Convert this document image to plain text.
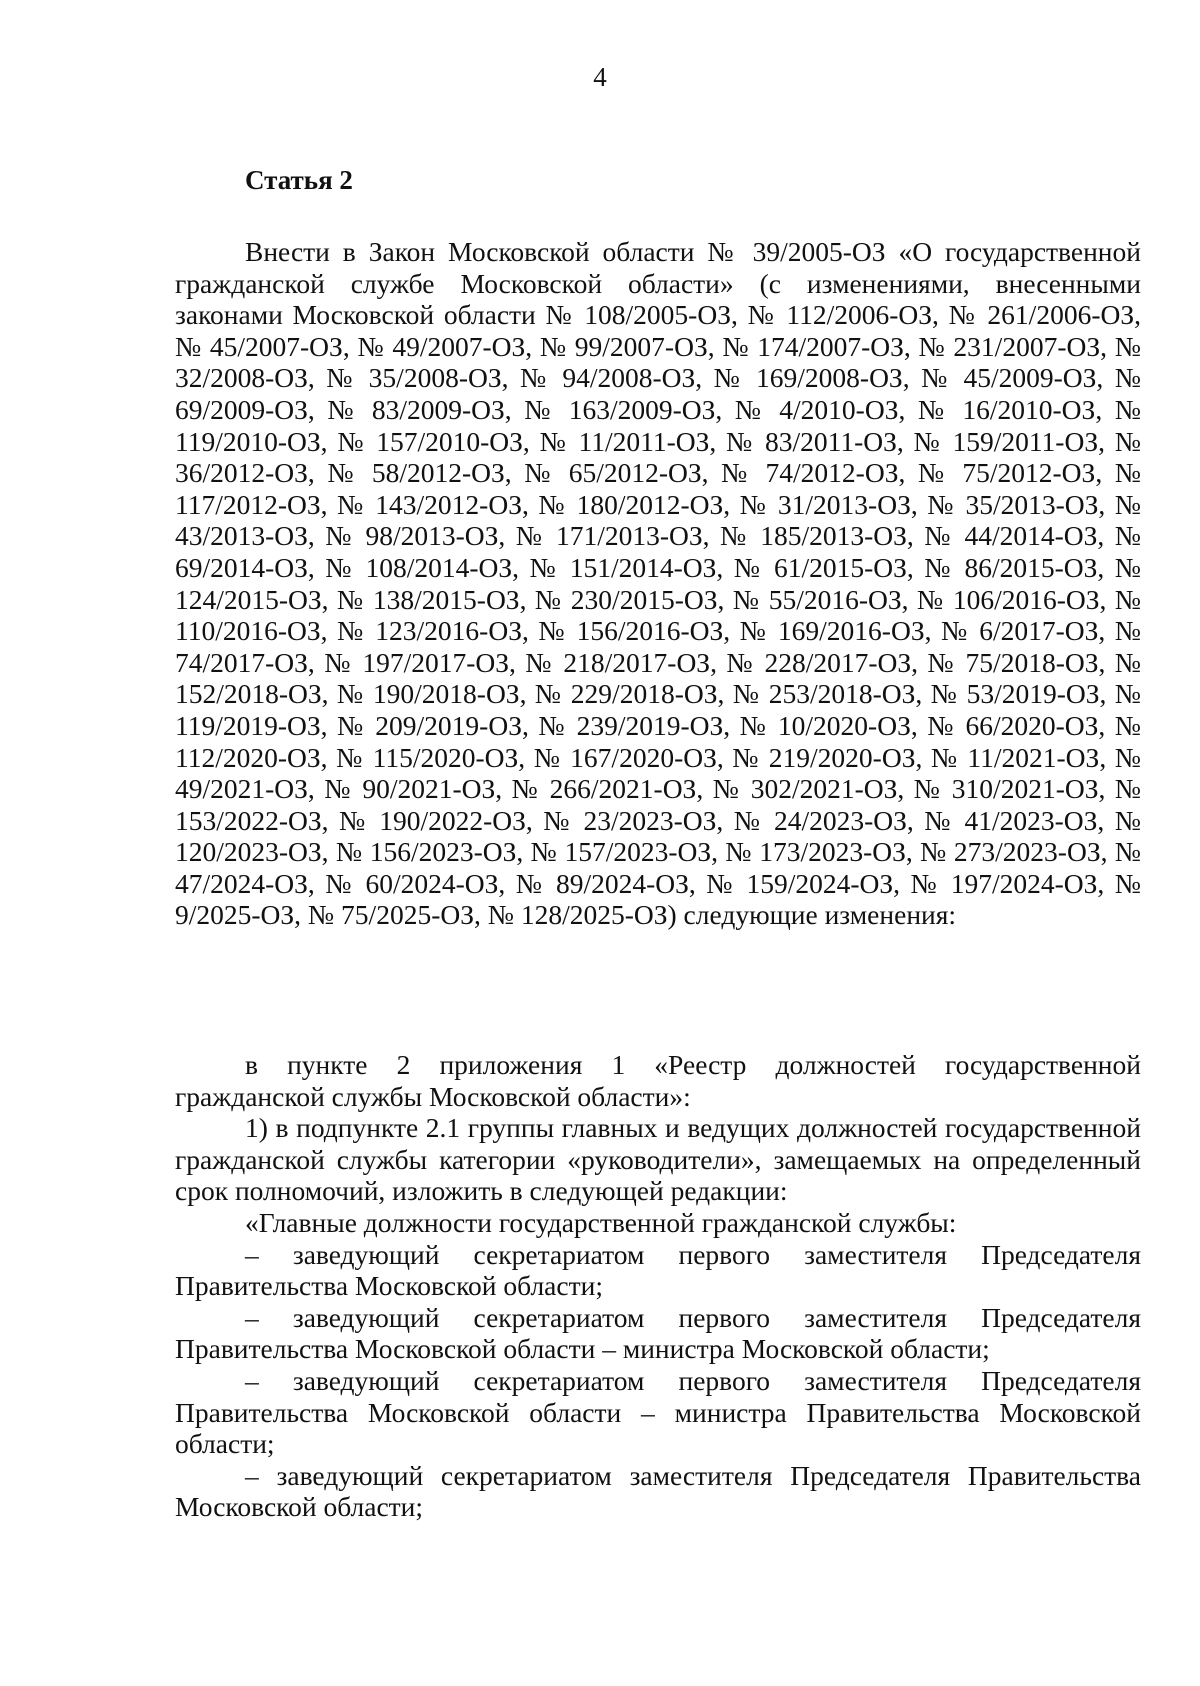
4
Статья 2

Внести в Закон Московской области № 39/2005-ОЗ «О государственной гражданской службе Московской области» (с изменениями, внесенными законами Московской области № 108/2005-ОЗ, № 112/2006-ОЗ, № 261/2006-ОЗ, № 45/2007-ОЗ, № 49/2007-ОЗ, № 99/2007-ОЗ, № 174/2007-ОЗ, № 231/2007-ОЗ, № 32/2008-ОЗ, № 35/2008-ОЗ, № 94/2008-ОЗ, № 169/2008-ОЗ, № 45/2009-ОЗ, № 69/2009-ОЗ, № 83/2009-ОЗ, № 163/2009-ОЗ, № 4/2010-ОЗ, № 16/2010-ОЗ, № 119/2010-ОЗ, № 157/2010-ОЗ, № 11/2011-ОЗ, № 83/2011-ОЗ, № 159/2011-ОЗ, № 36/2012-ОЗ, № 58/2012-ОЗ, № 65/2012-ОЗ, № 74/2012-ОЗ, № 75/2012-ОЗ, № 117/2012-ОЗ, № 143/2012-ОЗ, № 180/2012-ОЗ, № 31/2013-ОЗ, № 35/2013-ОЗ, № 43/2013-ОЗ, № 98/2013-ОЗ, № 171/2013-ОЗ, № 185/2013-ОЗ, № 44/2014-ОЗ, № 69/2014-ОЗ, № 108/2014-ОЗ, № 151/2014-ОЗ, № 61/2015-ОЗ, № 86/2015-ОЗ, № 124/2015-ОЗ, № 138/2015-ОЗ, № 230/2015-ОЗ, № 55/2016-ОЗ, № 106/2016-ОЗ, № 110/2016-ОЗ, № 123/2016-ОЗ, № 156/2016-ОЗ, № 169/2016-ОЗ, № 6/2017-ОЗ, № 74/2017-ОЗ, № 197/2017-ОЗ, № 218/2017-ОЗ, № 228/2017-ОЗ, № 75/2018-ОЗ, № 152/2018-ОЗ, № 190/2018-ОЗ, № 229/2018-ОЗ, № 253/2018-ОЗ, № 53/2019-ОЗ, № 119/2019-ОЗ, № 209/2019-ОЗ, № 239/2019-ОЗ, № 10/2020-ОЗ, № 66/2020-ОЗ, № 112/2020-ОЗ, № 115/2020-ОЗ, № 167/2020-ОЗ, № 219/2020-ОЗ, № 11/2021-ОЗ, № 49/2021-ОЗ, № 90/2021-ОЗ, № 266/2021-ОЗ, № 302/2021-ОЗ, № 310/2021-ОЗ, № 153/2022-ОЗ, № 190/2022-ОЗ, № 23/2023-ОЗ, № 24/2023-ОЗ, № 41/2023-ОЗ, № 120/2023-ОЗ, № 156/2023-ОЗ, № 157/2023-ОЗ, № 173/2023-ОЗ, № 273/2023-ОЗ, № 47/2024-ОЗ, № 60/2024-ОЗ, № 89/2024-ОЗ, № 159/2024-ОЗ, № 197/2024-ОЗ, № 9/2025-ОЗ, № 75/2025-ОЗ, № 128/2025-ОЗ) следующие изменения:

в пункте 2 приложения 1 «Реестр должностей государственной гражданской службы Московской области»:

1) в подпункте 2.1 группы главных и ведущих должностей государственной гражданской службы категории «руководители», замещаемых на определенный срок полномочий, изложить в следующей редакции:

«Главные должности государственной гражданской службы:

– заведующий секретариатом первого заместителя Председателя Правительства Московской области;

– заведующий секретариатом первого заместителя Председателя Правительства Московской области – министра Московской области;

– заведующий секретариатом первого заместителя Председателя Правительства Московской области – министра Правительства Московской области;

– заведующий секретариатом заместителя Председателя Правительства Московской области;
